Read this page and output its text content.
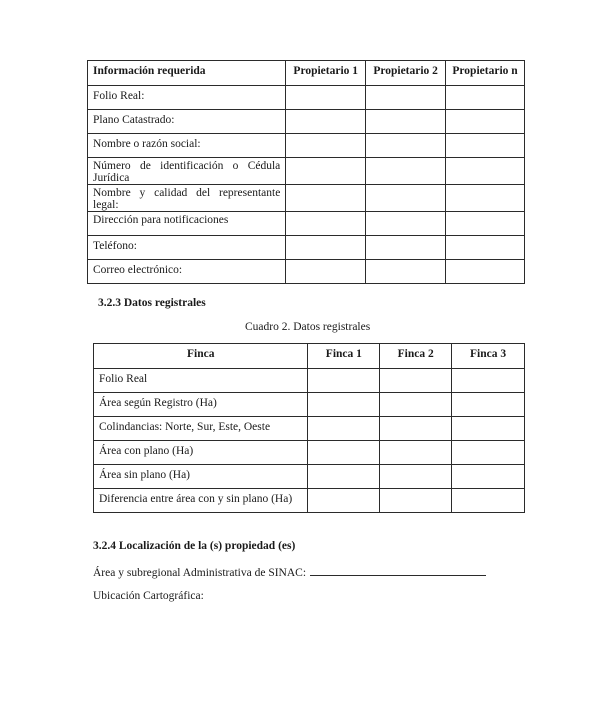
Información requerida	Propietario 1	Propietario 2	Propietario n
Folio Real:			
Plano Catastrado:			
Nombre o razón social:			
Número de identificación o Cédula Jurídica			
Nombre y calidad del representante legal:			
Dirección para notificaciones			
Teléfono:			
Correo electrónico:			
3.2.3 Datos registrales
Cuadro 2. Datos registrales
Finca	Finca 1	Finca 2	Finca 3
Folio Real			
Área según Registro (Ha)			
Colindancias: Norte, Sur, Este, Oeste			
Área con plano (Ha)			
Área sin plano (Ha)			
Diferencia entre área con y sin plano (Ha)			
3.2.4 Localización de la (s) propiedad (es)
Área y subregional Administrativa de SINAC:
Ubicación Cartográfica:
